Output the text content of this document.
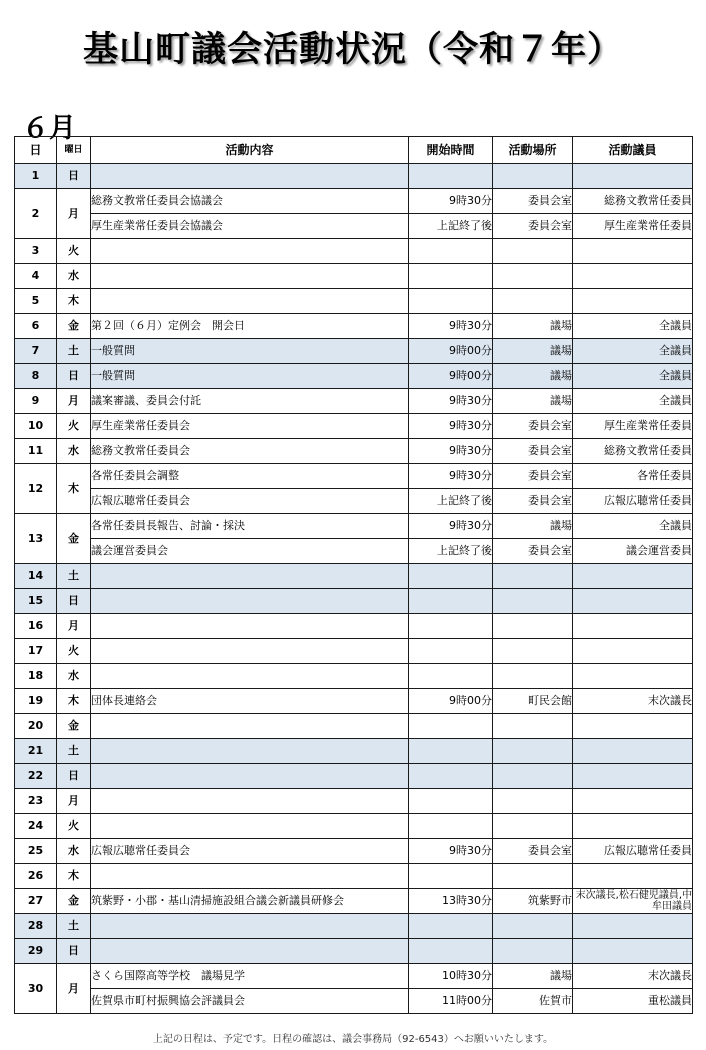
基山町議会活動状況（令和７年）
６月
日	曜日	活動内容	開始時間	活動場所	活動議員
1	日				
2	月	総務文教常任委員会協議会	9時30分	委員会室	総務文教常任委員
		厚生産業常任委員会協議会	上記終了後	委員会室	厚生産業常任委員
3	火				
4	水				
5	木				
6	金	第２回（６月）定例会　開会日	9時30分	議場	全議員
7	土	一般質問	9時00分	議場	全議員
8	日	一般質問	9時00分	議場	全議員
9	月	議案審議、委員会付託	9時30分	議場	全議員
10	火	厚生産業常任委員会	9時30分	委員会室	厚生産業常任委員
11	水	総務文教常任委員会	9時30分	委員会室	総務文教常任委員
12	木	各常任委員会調整	9時30分	委員会室	各常任委員
		広報広聴常任委員会	上記終了後	委員会室	広報広聴常任委員
13	金	各常任委員長報告、討論・採決	9時30分	議場	全議員
		議会運営委員会	上記終了後	委員会室	議会運営委員
14	土				
15	日				
16	月				
17	火				
18	水				
19	木	団体長連絡会	9時00分	町民会館	末次議長
20	金				
21	土				
22	日				
23	月				
24	火				
25	水	広報広聴常任委員会	9時30分	委員会室	広報広聴常任委員
26	木				
27	金	筑紫野・小郡・基山清掃施設組合議会新議員研修会	13時30分	筑紫野市	末次議長,松石健児議員,中牟田議員
28	土				
29	日				
30	月	さくら国際高等学校　議場見学	10時30分	議場	末次議長
		佐賀県市町村振興協会評議員会	11時00分	佐賀市	重松議員
上記の日程は、予定です。日程の確認は、議会事務局（92-6543）へお願いいたします。
